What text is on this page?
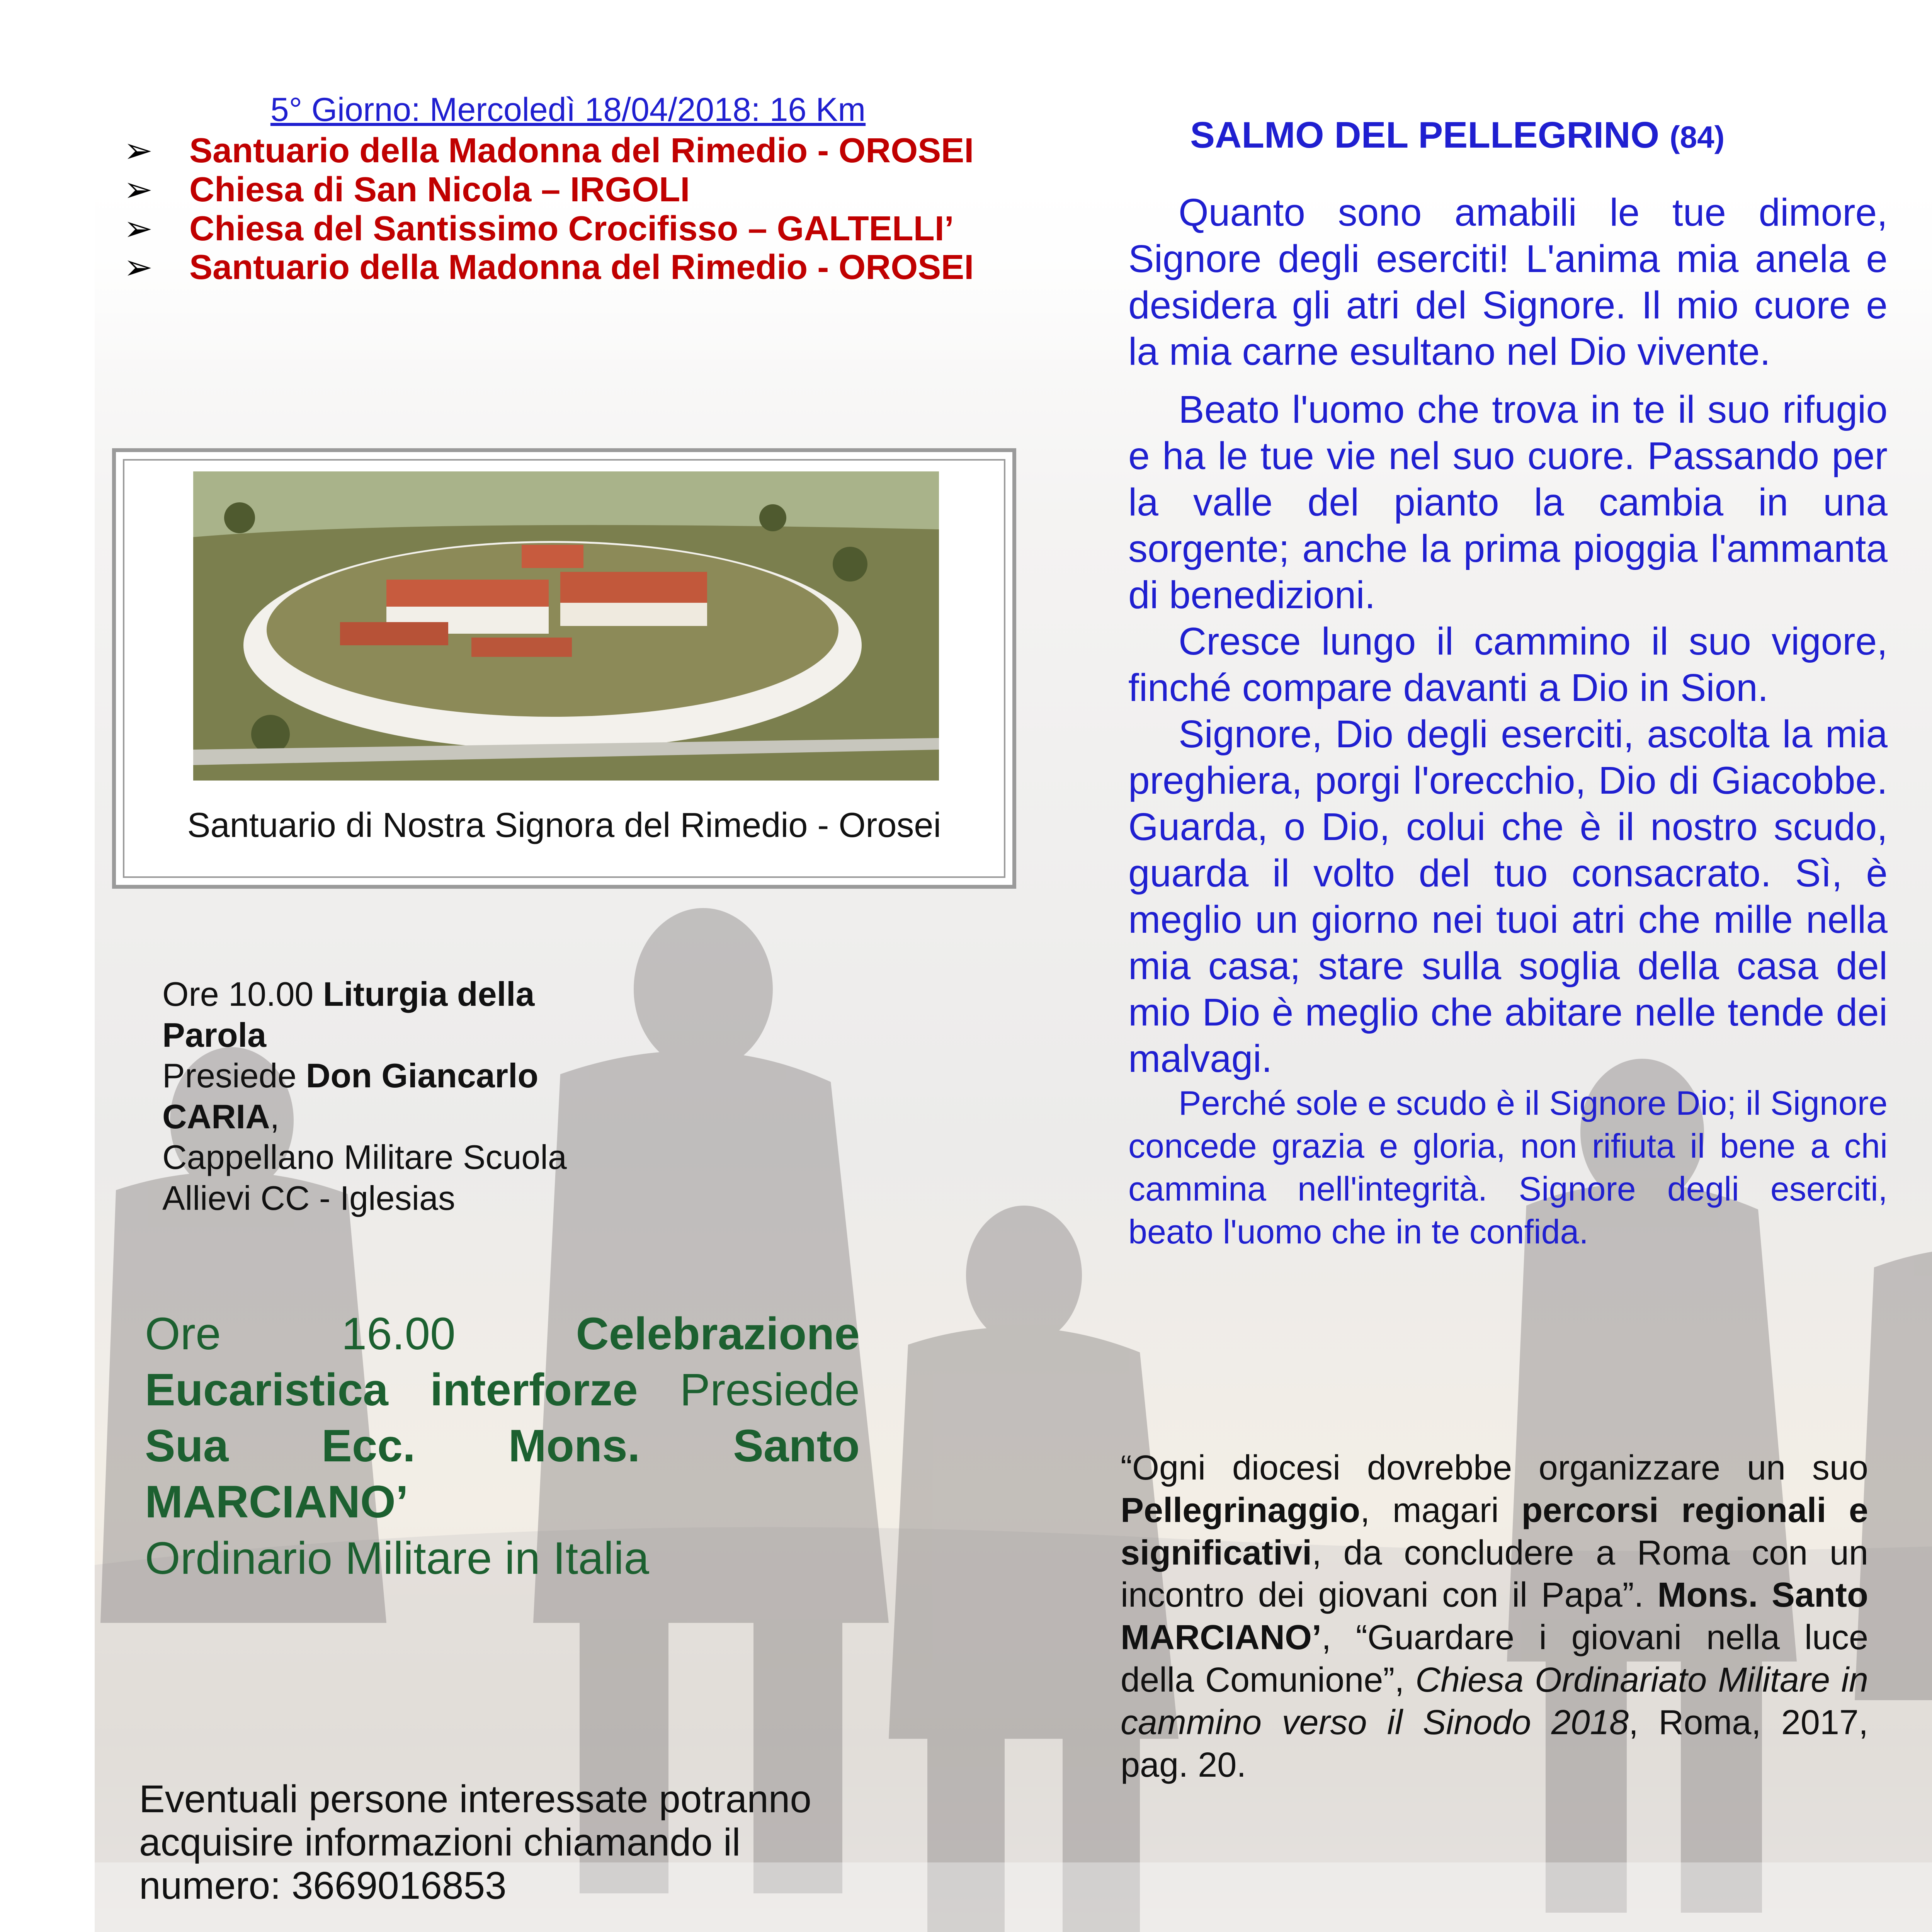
5° Giorno: Mercoledì 18/04/2018: 16 Km
➢	Santuario della Madonna del Rimedio - OROSEI
➢	Chiesa di San Nicola – IRGOLI
➢	Chiesa del Santissimo Crocifisso – GALTELLI’
➢	Santuario della Madonna del Rimedio - OROSEI
Santuario di Nostra Signora del Rimedio - Orosei
Ore 10.00 Liturgia della Parola
Presiede Don Giancarlo CARIA,
Cappellano Militare Scuola Allievi CC - Iglesias
Ore 16.00 Celebrazione Eucaristica interforze Presiede Sua Ecc. Mons. Santo MARCIANO’
Ordinario Militare in Italia
Eventuali persone interessate potranno acquisire informazioni chiamando il numero: 3669016853
SALMO DEL PELLEGRINO (84)

Quanto sono amabili le tue dimore, Signore degli eserciti! L'anima mia anela e desidera gli atri del Signore. Il mio cuore e la mia carne esultano nel Dio vivente.

Beato l'uomo che trova in te il suo rifugio e ha le tue vie nel suo cuore. Passando per la valle del pianto la cambia in una sorgente; anche la prima pioggia l'ammanta di benedizioni.

Cresce lungo il cammino il suo vigore, finché compare davanti a Dio in Sion.

Signore, Dio degli eserciti, ascolta la mia preghiera, porgi l'orecchio, Dio di Giacobbe. Guarda, o Dio, colui che è il nostro scudo, guarda il volto del tuo consacrato. Sì, è meglio un giorno nei tuoi atri che mille nella mia casa; stare sulla soglia della casa del mio Dio è meglio che abitare nelle tende dei malvagi.

Perché sole e scudo è il Signore Dio; il Signore concede grazia e gloria, non rifiuta il bene a chi cammina nell'integrità. Signore degli eserciti, beato l'uomo che in te confida.

“Ogni diocesi dovrebbe organizzare un suo Pellegrinaggio, magari percorsi regionali e significativi, da concludere a Roma con un incontro dei giovani con il Papa”. Mons. Santo MARCIANO’, “Guardare i giovani nella luce della Comunione”, Chiesa Ordinariato Militare in cammino verso il Sinodo 2018, Roma, 2017, pag. 20.
